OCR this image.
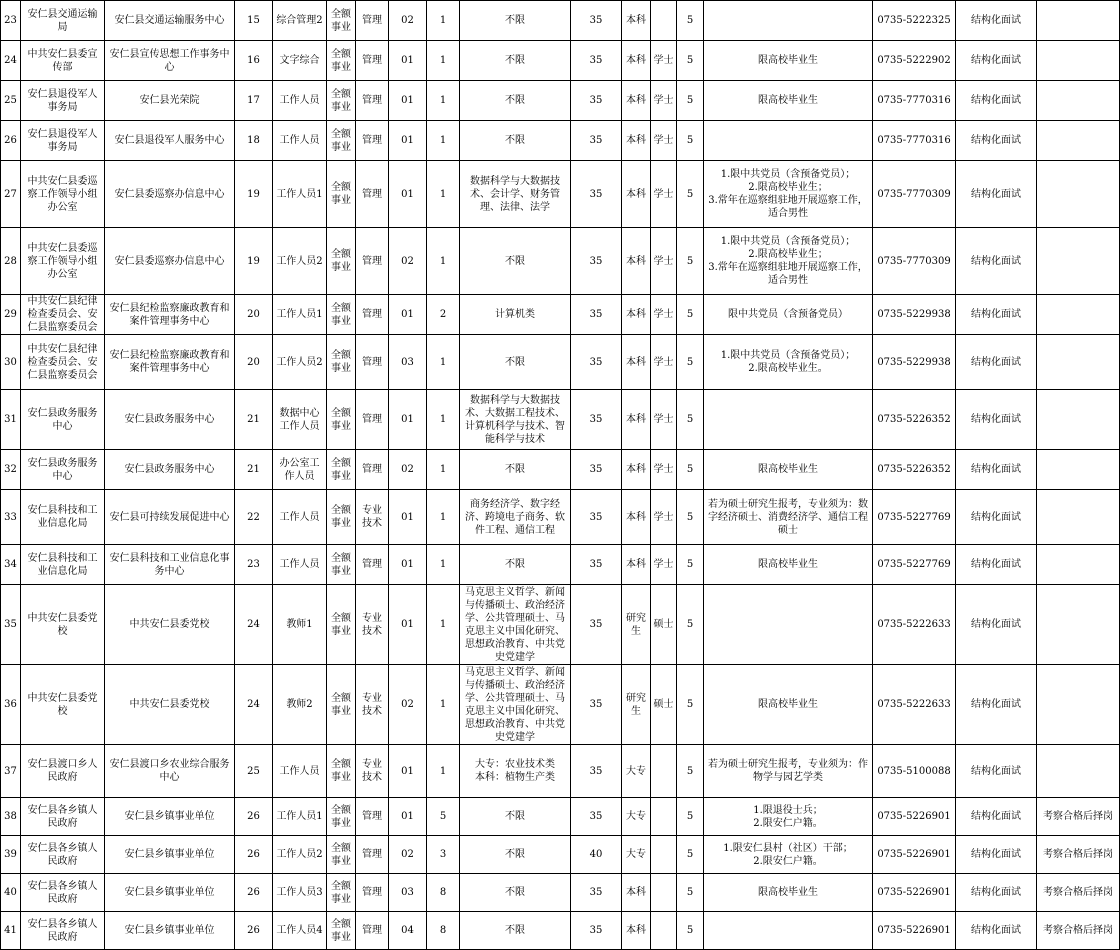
23	安仁县交通运输局	安仁县交通运输服务中心	15	综合管理2	全额事业	管理	02	1	不限	35	本科		5		0735-5222325	结构化面试	
24	中共安仁县委宣传部	安仁县宣传思想工作事务中心	16	文字综合	全额事业	管理	01	1	不限	35	本科	学士	5	限高校毕业生	0735-5222902	结构化面试	
25	安仁县退役军人事务局	安仁县光荣院	17	工作人员	全额事业	管理	01	1	不限	35	本科	学士	5	限高校毕业生	0735-7770316	结构化面试	
26	安仁县退役军人事务局	安仁县退役军人服务中心	18	工作人员	全额事业	管理	01	1	不限	35	本科	学士	5		0735-7770316	结构化面试	
27	中共安仁县委巡察工作领导小组办公室	安仁县委巡察办信息中心	19	工作人员1	全额事业	管理	01	1	数据科学与大数据技术、会计学、财务管理、法律、法学	35	本科	学士	5	1.限中共党员（含预备党员）；
2.限高校毕业生；
3.常年在巡察组驻地开展巡察工作，适合男性	0735-7770309	结构化面试	
28	中共安仁县委巡察工作领导小组办公室	安仁县委巡察办信息中心	19	工作人员2	全额事业	管理	02	1	不限	35	本科	学士	5	1.限中共党员（含预备党员）；
2.限高校毕业生；
3.常年在巡察组驻地开展巡察工作，适合男性	0735-7770309	结构化面试	
29	中共安仁县纪律检查委员会、安仁县监察委员会	安仁县纪检监察廉政教育和案件管理事务中心	20	工作人员1	全额事业	管理	01	2	计算机类	35	本科	学士	5	限中共党员（含预备党员）	0735-5229938	结构化面试	
30	中共安仁县纪律检查委员会、安仁县监察委员会	安仁县纪检监察廉政教育和案件管理事务中心	20	工作人员2	全额事业	管理	03	1	不限	35	本科	学士	5	1.限中共党员（含预备党员）；
2.限高校毕业生。	0735-5229938	结构化面试	
31	安仁县政务服务中心	安仁县政务服务中心	21	数据中心工作人员	全额事业	管理	01	1	数据科学与大数据技术、大数据工程技术、计算机科学与技术、智能科学与技术	35	本科	学士	5		0735-5226352	结构化面试	
32	安仁县政务服务中心	安仁县政务服务中心	21	办公室工作人员	全额事业	管理	02	1	不限	35	本科	学士	5	限高校毕业生	0735-5226352	结构化面试	
33	安仁县科技和工业信息化局	安仁县可持续发展促进中心	22	工作人员	全额事业	专业技术	01	1	商务经济学、数字经济、跨境电子商务、软件工程、通信工程	35	本科	学士	5	若为硕士研究生报考，专业须为：数字经济硕士、消费经济学、通信工程硕士	0735-5227769	结构化面试	
34	安仁县科技和工业信息化局	安仁县科技和工业信息化事务中心	23	工作人员	全额事业	管理	01	1	不限	35	本科	学士	5	限高校毕业生	0735-5227769	结构化面试	
35	中共安仁县委党校	中共安仁县委党校	24	教师1	全额事业	专业技术	01	1	马克思主义哲学、新闻与传播硕士、政治经济学、公共管理硕士、马克思主义中国化研究、思想政治教育、中共党史党建学	35	研究生	硕士	5		0735-5222633	结构化面试	
36	中共安仁县委党校	中共安仁县委党校	24	教师2	全额事业	专业技术	02	1	马克思主义哲学、新闻与传播硕士、政治经济学、公共管理硕士、马克思主义中国化研究、思想政治教育、中共党史党建学	35	研究生	硕士	5	限高校毕业生	0735-5222633	结构化面试	
37	安仁县渡口乡人民政府	安仁县渡口乡农业综合服务中心	25	工作人员	全额事业	专业技术	01	1	大专：农业技术类
本科：植物生产类	35	大专		5	若为硕士研究生报考，专业须为：作物学与园艺学类	0735-5100088	结构化面试	
38	安仁县各乡镇人民政府	安仁县乡镇事业单位	26	工作人员1	全额事业	管理	01	5	不限	35	大专		5	1.限退役士兵；
2.限安仁户籍。	0735-5226901	结构化面试	考察合格后择岗
39	安仁县各乡镇人民政府	安仁县乡镇事业单位	26	工作人员2	全额事业	管理	02	3	不限	40	大专		5	1.限安仁县村（社区）干部；
2.限安仁户籍。	0735-5226901	结构化面试	考察合格后择岗
40	安仁县各乡镇人民政府	安仁县乡镇事业单位	26	工作人员3	全额事业	管理	03	8	不限	35	本科		5	限高校毕业生	0735-5226901	结构化面试	考察合格后择岗
41	安仁县各乡镇人民政府	安仁县乡镇事业单位	26	工作人员4	全额事业	管理	04	8	不限	35	本科		5		0735-5226901	结构化面试	考察合格后择岗
